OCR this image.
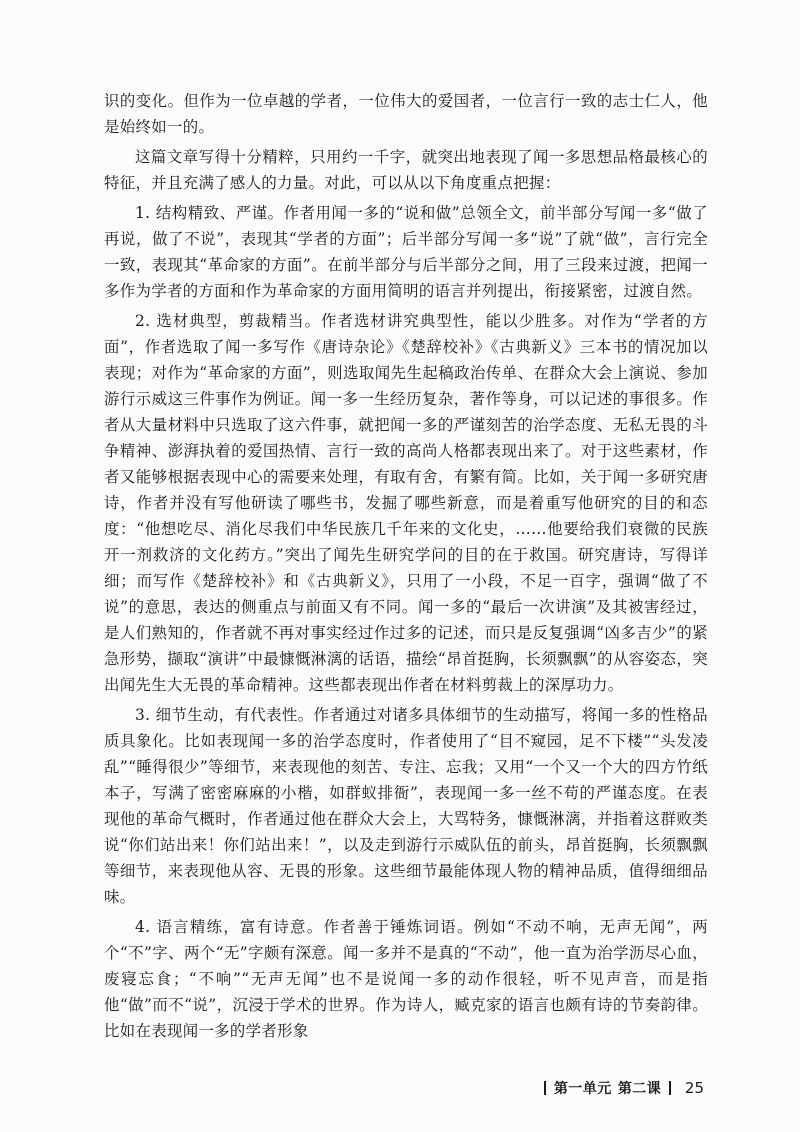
识的变化。但作为一位卓越的学者，一位伟大的爱国者，一位言行一致的志士仁人，他是始终如一的。

这篇文章写得十分精粹，只用约一千字，就突出地表现了闻一多思想品格最核心的特征，并且充满了感人的力量。对此，可以从以下角度重点把握：

1. 结构精致、严谨。作者用闻一多的“说和做”总领全文，前半部分写闻一多“做了再说，做了不说”，表现其“学者的方面”；后半部分写闻一多“说”了就“做”，言行完全一致，表现其“革命家的方面”。在前半部分与后半部分之间，用了三段来过渡，把闻一多作为学者的方面和作为革命家的方面用简明的语言并列提出，衔接紧密，过渡自然。

2. 选材典型，剪裁精当。作者选材讲究典型性，能以少胜多。对作为“学者的方面”，作者选取了闻一多写作《唐诗杂论》《楚辞校补》《古典新义》三本书的情况加以表现；对作为“革命家的方面”，则选取闻先生起稿政治传单、在群众大会上演说、参加游行示威这三件事作为例证。闻一多一生经历复杂，著作等身，可以记述的事很多。作者从大量材料中只选取了这六件事，就把闻一多的严谨刻苦的治学态度、无私无畏的斗争精神、澎湃执着的爱国热情、言行一致的高尚人格都表现出来了。对于这些素材，作者又能够根据表现中心的需要来处理，有取有舍，有繁有简。比如，关于闻一多研究唐诗，作者并没有写他研读了哪些书，发掘了哪些新意，而是着重写他研究的目的和态度：“他想吃尽、消化尽我们中华民族几千年来的文化史，……他要给我们衰微的民族开一剂救济的文化药方。”突出了闻先生研究学问的目的在于救国。研究唐诗，写得详细；而写作《楚辞校补》和《古典新义》，只用了一小段，不足一百字，强调“做了不说”的意思，表达的侧重点与前面又有不同。闻一多的“最后一次讲演”及其被害经过，是人们熟知的，作者就不再对事实经过作过多的记述，而只是反复强调“凶多吉少”的紧急形势，撷取“演讲”中最慷慨淋漓的话语，描绘“昂首挺胸，长须飘飘”的从容姿态，突出闻先生大无畏的革命精神。这些都表现出作者在材料剪裁上的深厚功力。

3. 细节生动，有代表性。作者通过对诸多具体细节的生动描写，将闻一多的性格品质具象化。比如表现闻一多的治学态度时，作者使用了“目不窥园，足不下楼”“头发凌乱”“睡得很少”等细节，来表现他的刻苦、专注、忘我；又用“一个又一个大的四方竹纸本子，写满了密密麻麻的小楷，如群蚁排衙”，表现闻一多一丝不苟的严谨态度。在表现他的革命气概时，作者通过他在群众大会上，大骂特务，慷慨淋漓，并指着这群败类说“你们站出来！你们站出来！”，以及走到游行示威队伍的前头，昂首挺胸，长须飘飘等细节，来表现他从容、无畏的形象。这些细节最能体现人物的精神品质，值得细细品味。

4. 语言精练，富有诗意。作者善于锤炼词语。例如“不动不响，无声无闻”，两个“不”字、两个“无”字颇有深意。闻一多并不是真的“不动”，他一直为治学沥尽心血，废寝忘食；“不响”“无声无闻”也不是说闻一多的动作很轻，听不见声音，而是指他“做”而不“说”，沉浸于学术的世界。作为诗人，臧克家的语言也颇有诗的节奏韵律。比如在表现闻一多的学者形象

第一单元 第二课 25
